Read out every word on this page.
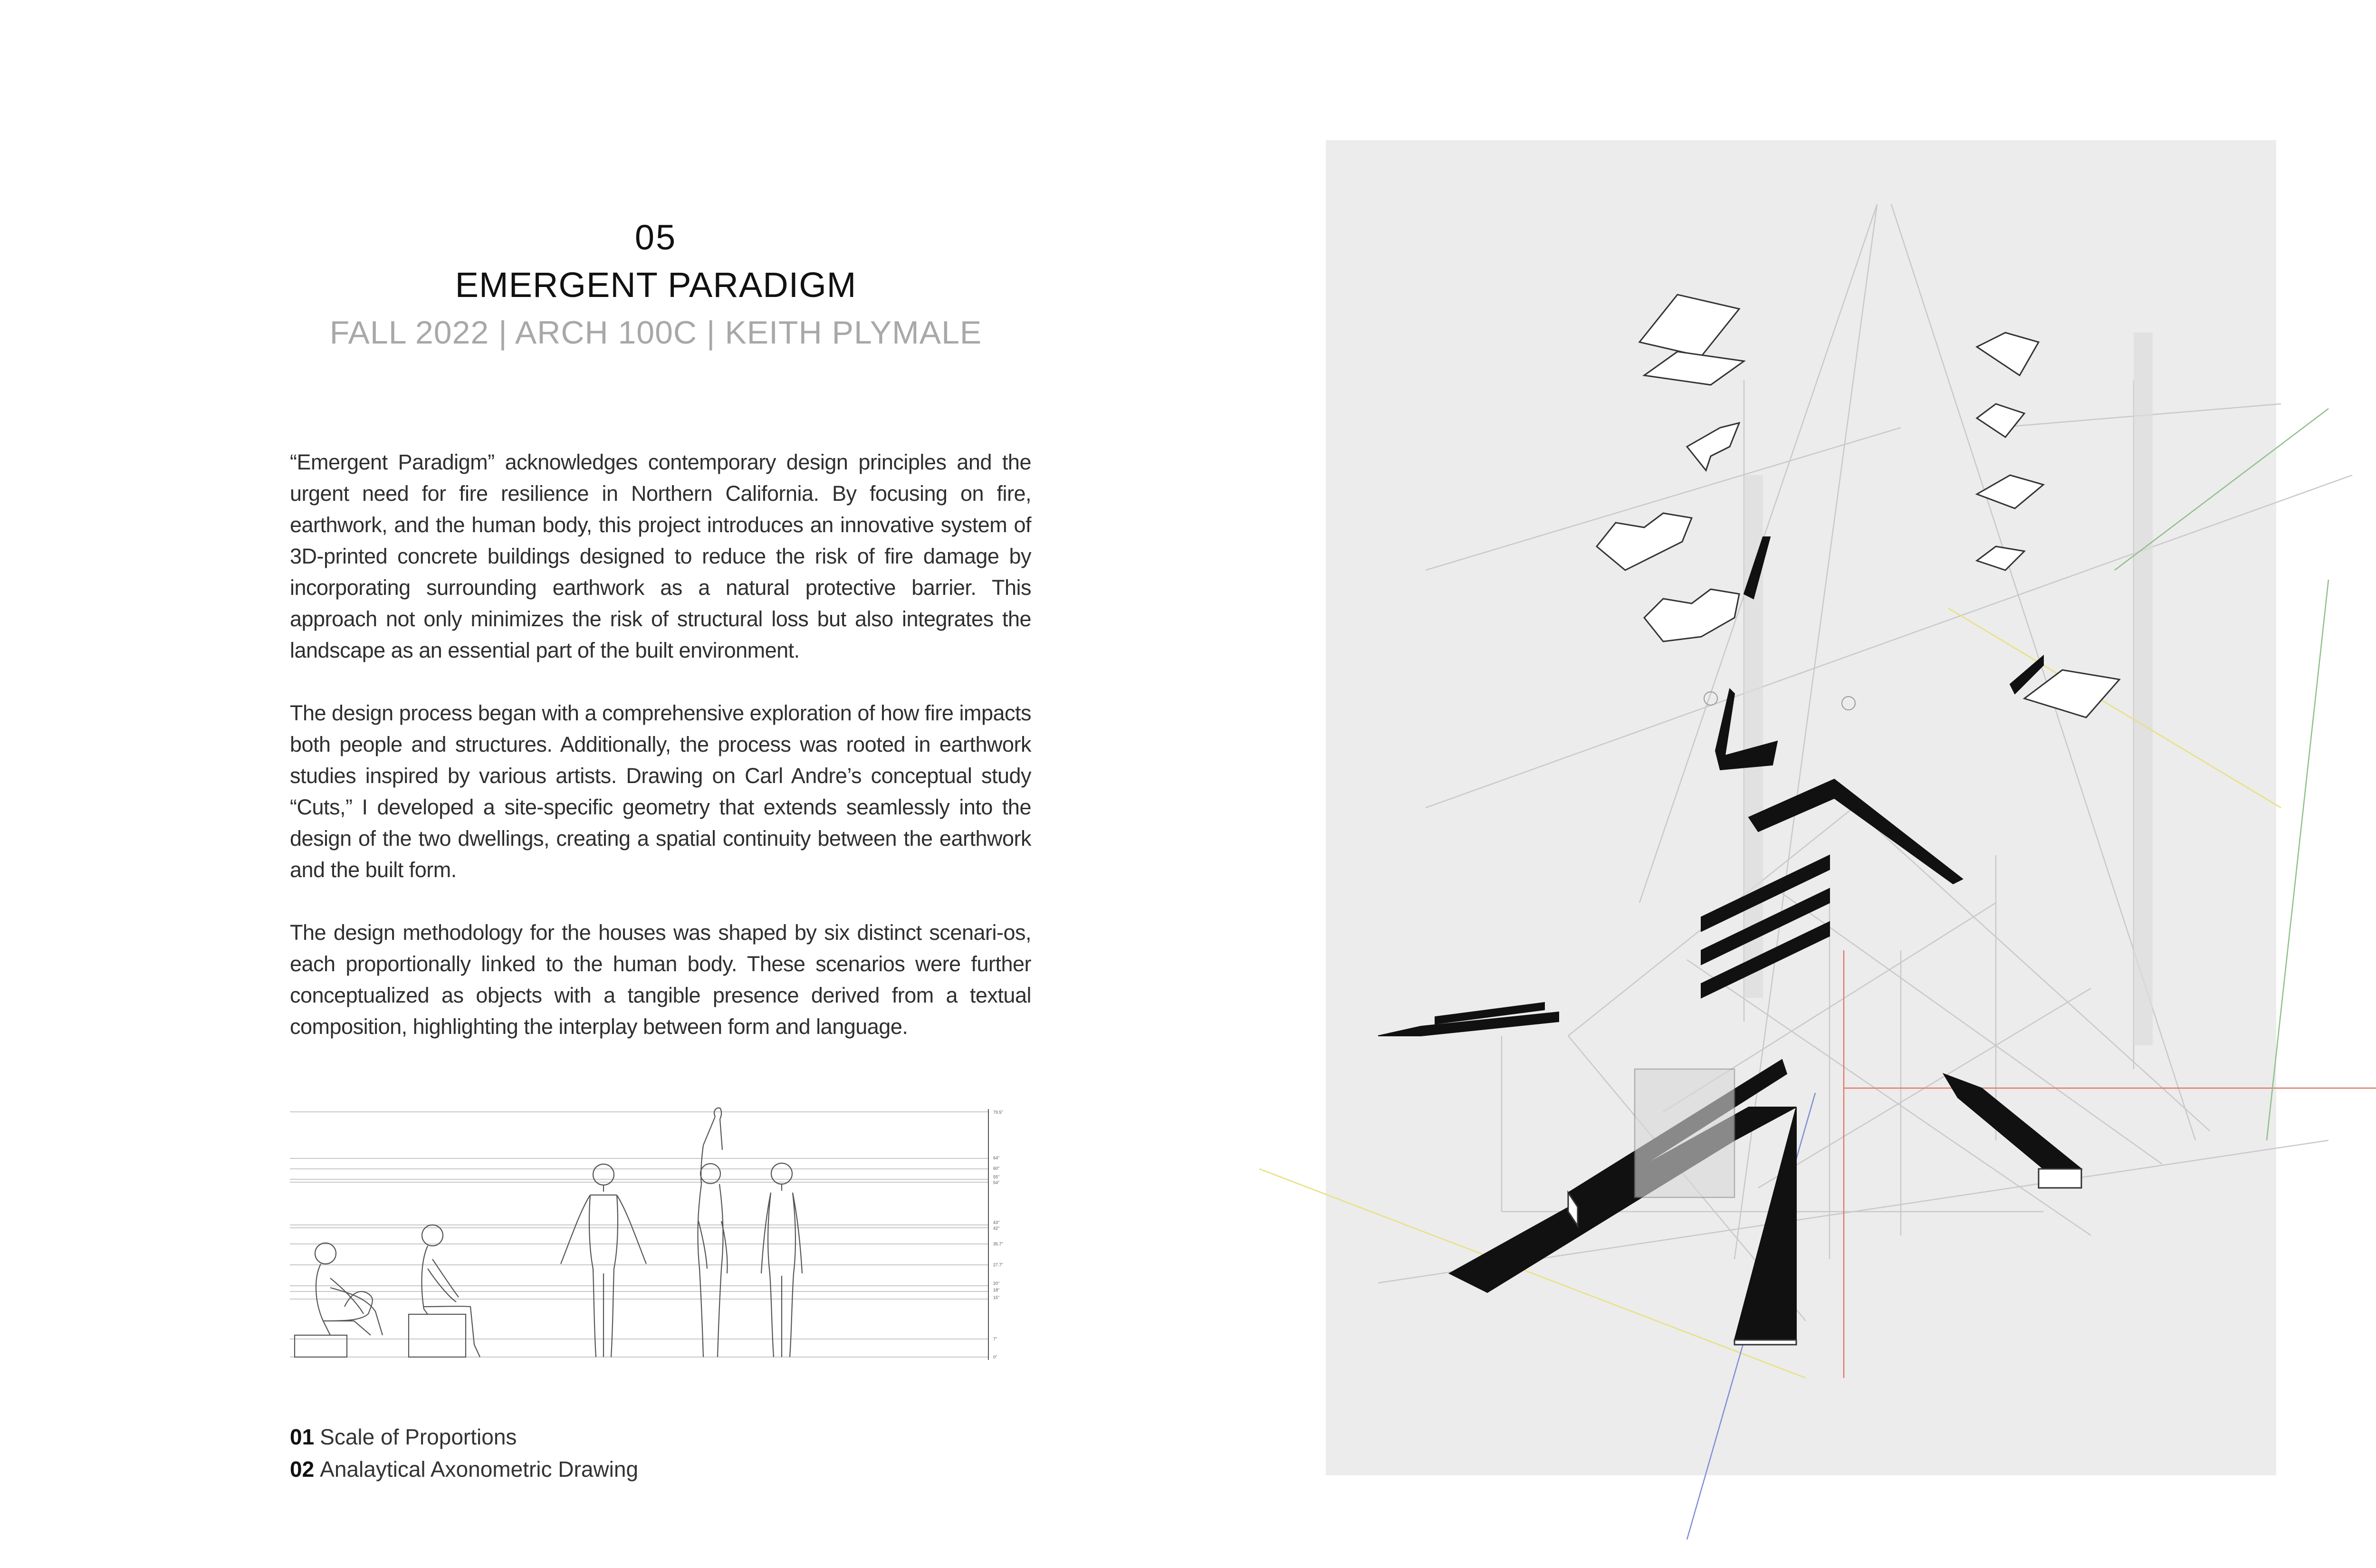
05
EMERGENT PARADIGM
FALL 2022 | ARCH 100C | KEITH PLYMALE

“Emergent Paradigm” acknowledges contemporary design principles and the urgent need for fire resilience in Northern California. By focusing on fire, earthwork, and the human body, this project introduces an innovative system of 3D-printed concrete buildings designed to reduce the risk of fire damage by incorporating surrounding earthwork as a natural protective barrier. This approach not only minimizes the risk of structural loss but also integrates the landscape as an essential part of the built environment.

The design process began with a comprehensive exploration of how fire impacts both people and structures. Additionally, the process was rooted in earthwork studies inspired by various artists. Drawing on Carl Andre’s conceptual study “Cuts,” I developed a site-specific geometry that extends seamlessly into the design of the two dwellings, creating a spatial continuity between the earthwork and the built form.

The design methodology for the houses was shaped by six distinct scenari-os, each proportionally linked to the human body. These scenarios were further conceptualized as objects with a tangible presence derived from a textual composition, highlighting the interplay between form and language.

79.5"
64"
60"
55"
54"
43"
42"
35.7"
27.7"
20"
18"
15"
7"
0"
01 Scale of Proportions
02 Analaytical Axonometric Drawing
